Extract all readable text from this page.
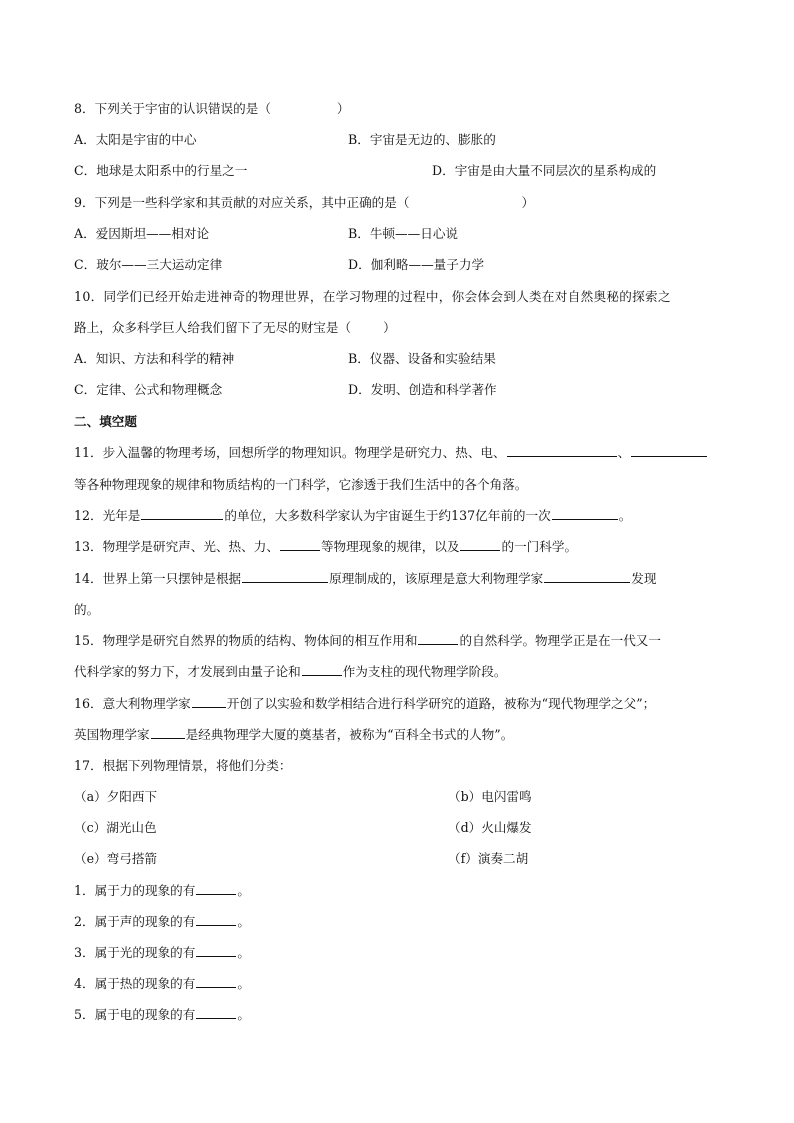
8．下列关于宇宙的认识错误的是（	）
A．太阳是宇宙的中心	B．宇宙是无边的、膨胀的
C．地球是太阳系中的行星之一	D．宇宙是由大量不同层次的星系构成的
9．下列是一些科学家和其贡献的对应关系，其中正确的是（	）
A．爱因斯坦——相对论	B．牛顿——日心说
C．玻尔——三大运动定律	D．伽利略——量子力学
10．同学们已经开始走进神奇的物理世界，在学习物理的过程中，你会体会到人类在对自然奥秘的探索之
路上，众多科学巨人给我们留下了无尽的财宝是（	）
A．知识、方法和科学的精神	B．仪器、设备和实验结果
C．定律、公式和物理概念	D．发明、创造和科学著作
二、填空题
11．步入温馨的物理考场，回想所学的物理知识。物理学是研究力、热、电、	、
等各种物理现象的规律和物质结构的一门科学，它渗透于我们生活中的各个角落。
12．光年是	的单位，大多数科学家认为宇宙诞生于约137亿年前的一次	。
13．物理学是研究声、光、热、力、	等物理现象的规律，以及	的一门科学。
14．世界上第一只摆钟是根据	原理制成的，该原理是意大利物理学家	发现
的。
15．物理学是研究自然界的物质的结构、物体间的相互作用和	的自然科学。物理学正是在一代又一
代科学家的努力下，才发展到由量子论和	作为支柱的现代物理学阶段。
16．意大利物理学家	开创了以实验和数学相结合进行科学研究的道路，被称为“现代物理学之父”；
英国物理学家	是经典物理学大厦的奠基者，被称为“百科全书式的人物”。
17．根据下列物理情景，将他们分类：
（a）夕阳西下	（b）电闪雷鸣
（c）湖光山色	（d）火山爆发
（e）弯弓搭箭	（f）演奏二胡
1．属于力的现象的有	。
2．属于声的现象的有	。
3．属于光的现象的有	。
4．属于热的现象的有	。
5．属于电的现象的有	。
